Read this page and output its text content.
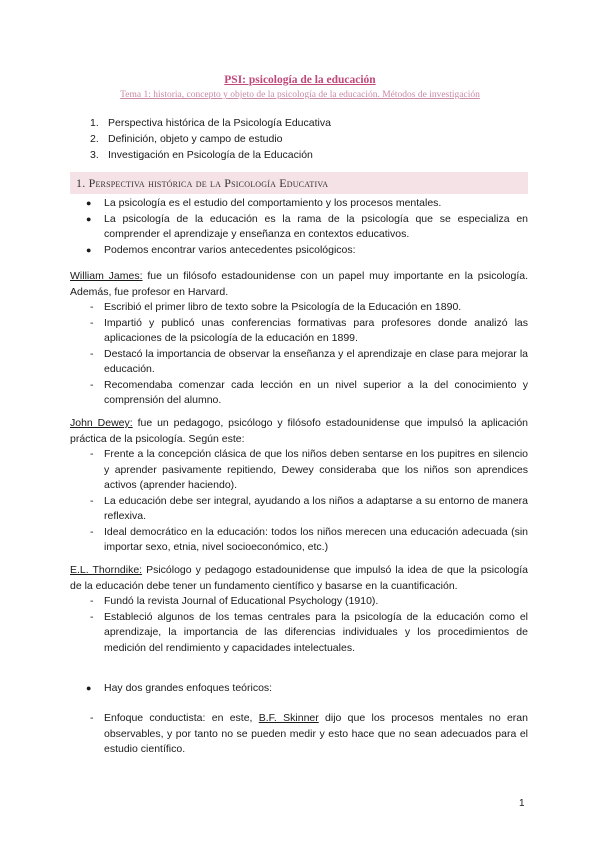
PSI: psicología de la educación
Tema 1: historia, concepto y objeto de la psicología de la educación. Métodos de investigación
1. Perspectiva histórica de la Psicología Educativa
2. Definición, objeto y campo de estudio
3. Investigación en Psicología de la Educación
1. Perspectiva histórica de la Psicología Educativa
● La psicología es el estudio del comportamiento y los procesos mentales.
● La psicología de la educación es la rama de la psicología que se especializa en comprender el aprendizaje y enseñanza en contextos educativos.
● Podemos encontrar varios antecedentes psicológicos:

William James: fue un filósofo estadounidense con un papel muy importante en la psicología. Además, fue profesor en Harvard.

- Escribió el primer libro de texto sobre la Psicología de la Educación en 1890.
- Impartió y publicó unas conferencias formativas para profesores donde analizó las aplicaciones de la psicología de la educación en 1899.
- Destacó la importancia de observar la enseñanza y el aprendizaje en clase para mejorar la educación.
- Recomendaba comenzar cada lección en un nivel superior a la del conocimiento y comprensión del alumno.

John Dewey: fue un pedagogo, psicólogo y filósofo estadounidense que impulsó la aplicación práctica de la psicología. Según este:

- Frente a la concepción clásica de que los niños deben sentarse en los pupitres en silencio y aprender pasivamente repitiendo, Dewey consideraba que los niños son aprendices activos (aprender haciendo).
- La educación debe ser integral, ayudando a los niños a adaptarse a su entorno de manera reflexiva.
- Ideal democrático en la educación: todos los niños merecen una educación adecuada (sin importar sexo, etnia, nivel socioeconómico, etc.)

E.L. Thorndike: Psicólogo y pedagogo estadounidense que impulsó la idea de que la psicología de la educación debe tener un fundamento científico y basarse en la cuantificación.

- Fundó la revista Journal of Educational Psychology (1910).
- Estableció algunos de los temas centrales para la psicología de la educación como el aprendizaje, la importancia de las diferencias individuales y los procedimientos de medición del rendimiento y capacidades intelectuales.
● Hay dos grandes enfoques teóricos:
- Enfoque conductista: en este, B.F. Skinner dijo que los procesos mentales no eran observables, y por tanto no se pueden medir y esto hace que no sean adecuados para el estudio científico.
1
